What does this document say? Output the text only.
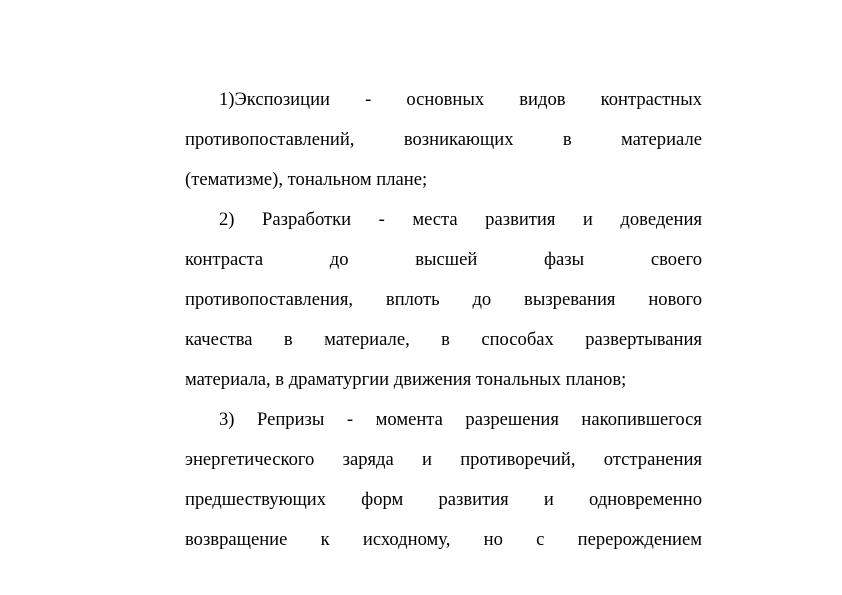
1)Экспозиции - основных видов контрастных
противопоставлений, возникающих в материале
(тематизме), тональном плане;
2) Разработки - места развития и доведения
контраста до высшей фазы своего
противопоставления, вплоть до вызревания нового
качества в материале, в способах развертывания
материала, в драматургии движения тональных планов;
3) Репризы - момента разрешения накопившегося
энергетического заряда и противоречий, отстранения
предшествующих форм развития и одновременно
возвращение к исходному, но с перерождением
